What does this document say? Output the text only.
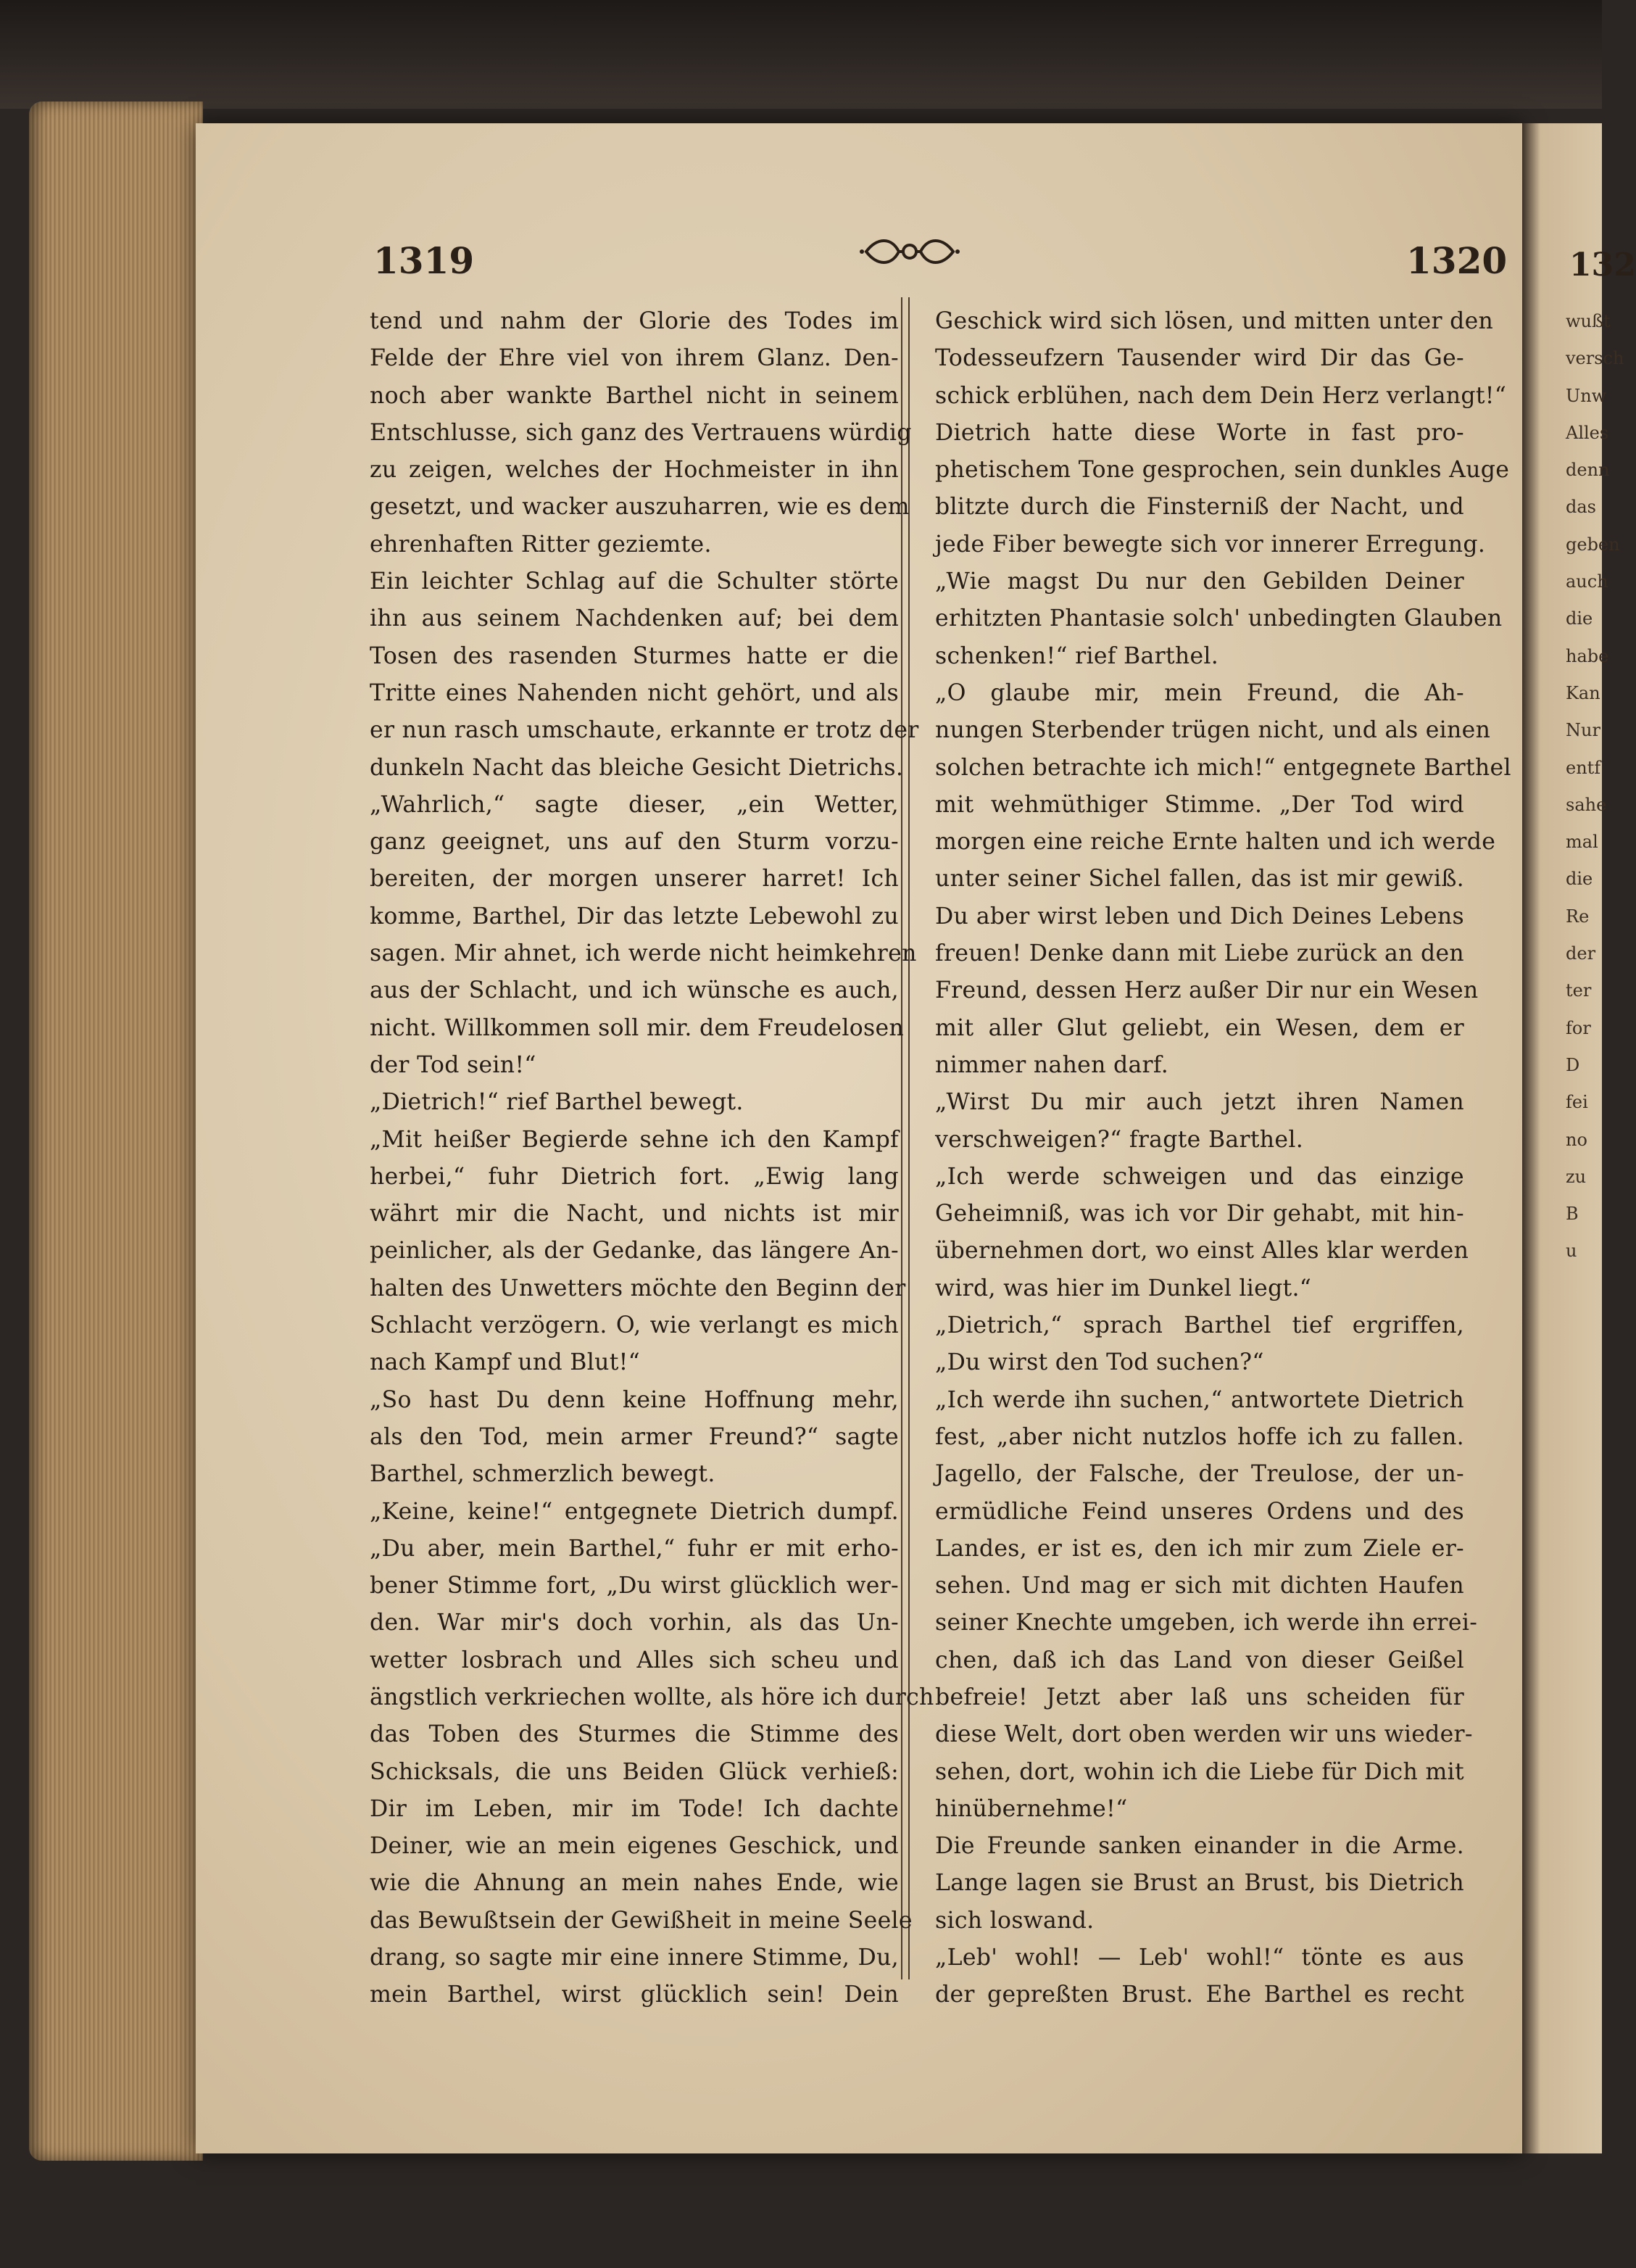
1319	1320 132
tend und nahm der Glorie des Todes im
Felde der Ehre viel von ihrem Glanz. Den-
noch aber wankte Barthel nicht in seinem
Entschlusse, sich ganz des Vertrauens würdig
zu zeigen, welches der Hochmeister in ihn
gesetzt, und wacker auszuharren, wie es dem
ehrenhaften Ritter geziemte.
Ein leichter Schlag auf die Schulter störte
ihn aus seinem Nachdenken auf; bei dem
Tosen des rasenden Sturmes hatte er die
Tritte eines Nahenden nicht gehört, und als
er nun rasch umschaute, erkannte er trotz der
dunkeln Nacht das bleiche Gesicht Dietrichs.
„Wahrlich,“ sagte dieser, „ein Wetter,
ganz geeignet, uns auf den Sturm vorzu-
bereiten, der morgen unserer harret! Ich
komme, Barthel, Dir das letzte Lebewohl zu
sagen. Mir ahnet, ich werde nicht heimkehren
aus der Schlacht, und ich wünsche es auch,
nicht. Willkommen soll mir. dem Freudelosen
der Tod sein!“
„Dietrich!“ rief Barthel bewegt.
„Mit heißer Begierde sehne ich den Kampf
herbei,“ fuhr Dietrich fort. „Ewig lang
währt mir die Nacht, und nichts ist mir
peinlicher, als der Gedanke, das längere An-
halten des Unwetters möchte den Beginn der
Schlacht verzögern. O, wie verlangt es mich
nach Kampf und Blut!“
„So hast Du denn keine Hoffnung mehr,
als den Tod, mein armer Freund?“ sagte
Barthel, schmerzlich bewegt.
„Keine, keine!“ entgegnete Dietrich dumpf.
„Du aber, mein Barthel,“ fuhr er mit erho-
bener Stimme fort, „Du wirst glücklich wer-
den. War mir's doch vorhin, als das Un-
wetter losbrach und Alles sich scheu und
ängstlich verkriechen wollte, als höre ich durch
das Toben des Sturmes die Stimme des
Schicksals, die uns Beiden Glück verhieß:
Dir im Leben, mir im Tode! Ich dachte
Deiner, wie an mein eigenes Geschick, und
wie die Ahnung an mein nahes Ende, wie
das Bewußtsein der Gewißheit in meine Seele
drang, so sagte mir eine innere Stimme, Du,
mein Barthel, wirst glücklich sein! Dein
Geschick wird sich lösen, und mitten unter den
Todesseufzern Tausender wird Dir das Ge-
schick erblühen, nach dem Dein Herz verlangt!“
Dietrich hatte diese Worte in fast pro-
phetischem Tone gesprochen, sein dunkles Auge
blitzte durch die Finsterniß der Nacht, und
jede Fiber bewegte sich vor innerer Erregung.
„Wie magst Du nur den Gebilden Deiner
erhitzten Phantasie solch' unbedingten Glauben
schenken!“ rief Barthel.
„O glaube mir, mein Freund, die Ah-
nungen Sterbender trügen nicht, und als einen
solchen betrachte ich mich!“ entgegnete Barthel
mit wehmüthiger Stimme. „Der Tod wird
morgen eine reiche Ernte halten und ich werde
unter seiner Sichel fallen, das ist mir gewiß.
Du aber wirst leben und Dich Deines Lebens
freuen! Denke dann mit Liebe zurück an den
Freund, dessen Herz außer Dir nur ein Wesen
mit aller Glut geliebt, ein Wesen, dem er
nimmer nahen darf.
„Wirst Du mir auch jetzt ihren Namen
verschweigen?“ fragte Barthel.
„Ich werde schweigen und das einzige
Geheimniß, was ich vor Dir gehabt, mit hin-
übernehmen dort, wo einst Alles klar werden
wird, was hier im Dunkel liegt.“
„Dietrich,“ sprach Barthel tief ergriffen,
„Du wirst den Tod suchen?“
„Ich werde ihn suchen,“ antwortete Dietrich
fest, „aber nicht nutzlos hoffe ich zu fallen.
Jagello, der Falsche, der Treulose, der un-
ermüdliche Feind unseres Ordens und des
Landes, er ist es, den ich mir zum Ziele er-
sehen. Und mag er sich mit dichten Haufen
seiner Knechte umgeben, ich werde ihn errei-
chen, daß ich das Land von dieser Geißel
befreie! Jetzt aber laß uns scheiden für
diese Welt, dort oben werden wir uns wieder-
sehen, dort, wohin ich die Liebe für Dich mit
hinübernehme!“
Die Freunde sanken einander in die Arme.
Lange lagen sie Brust an Brust, bis Dietrich
sich loswand.
„Leb' wohl! — Leb' wohl!“ tönte es aus
der gepreßten Brust. Ehe Barthel es recht
wußt
versch
Unw
Alles
denn
das
geben
auch
die
habe
Kan
Nur
entf
sahe
mal
die
Re
der
ter
for
D
fei
no
zu
B
u
